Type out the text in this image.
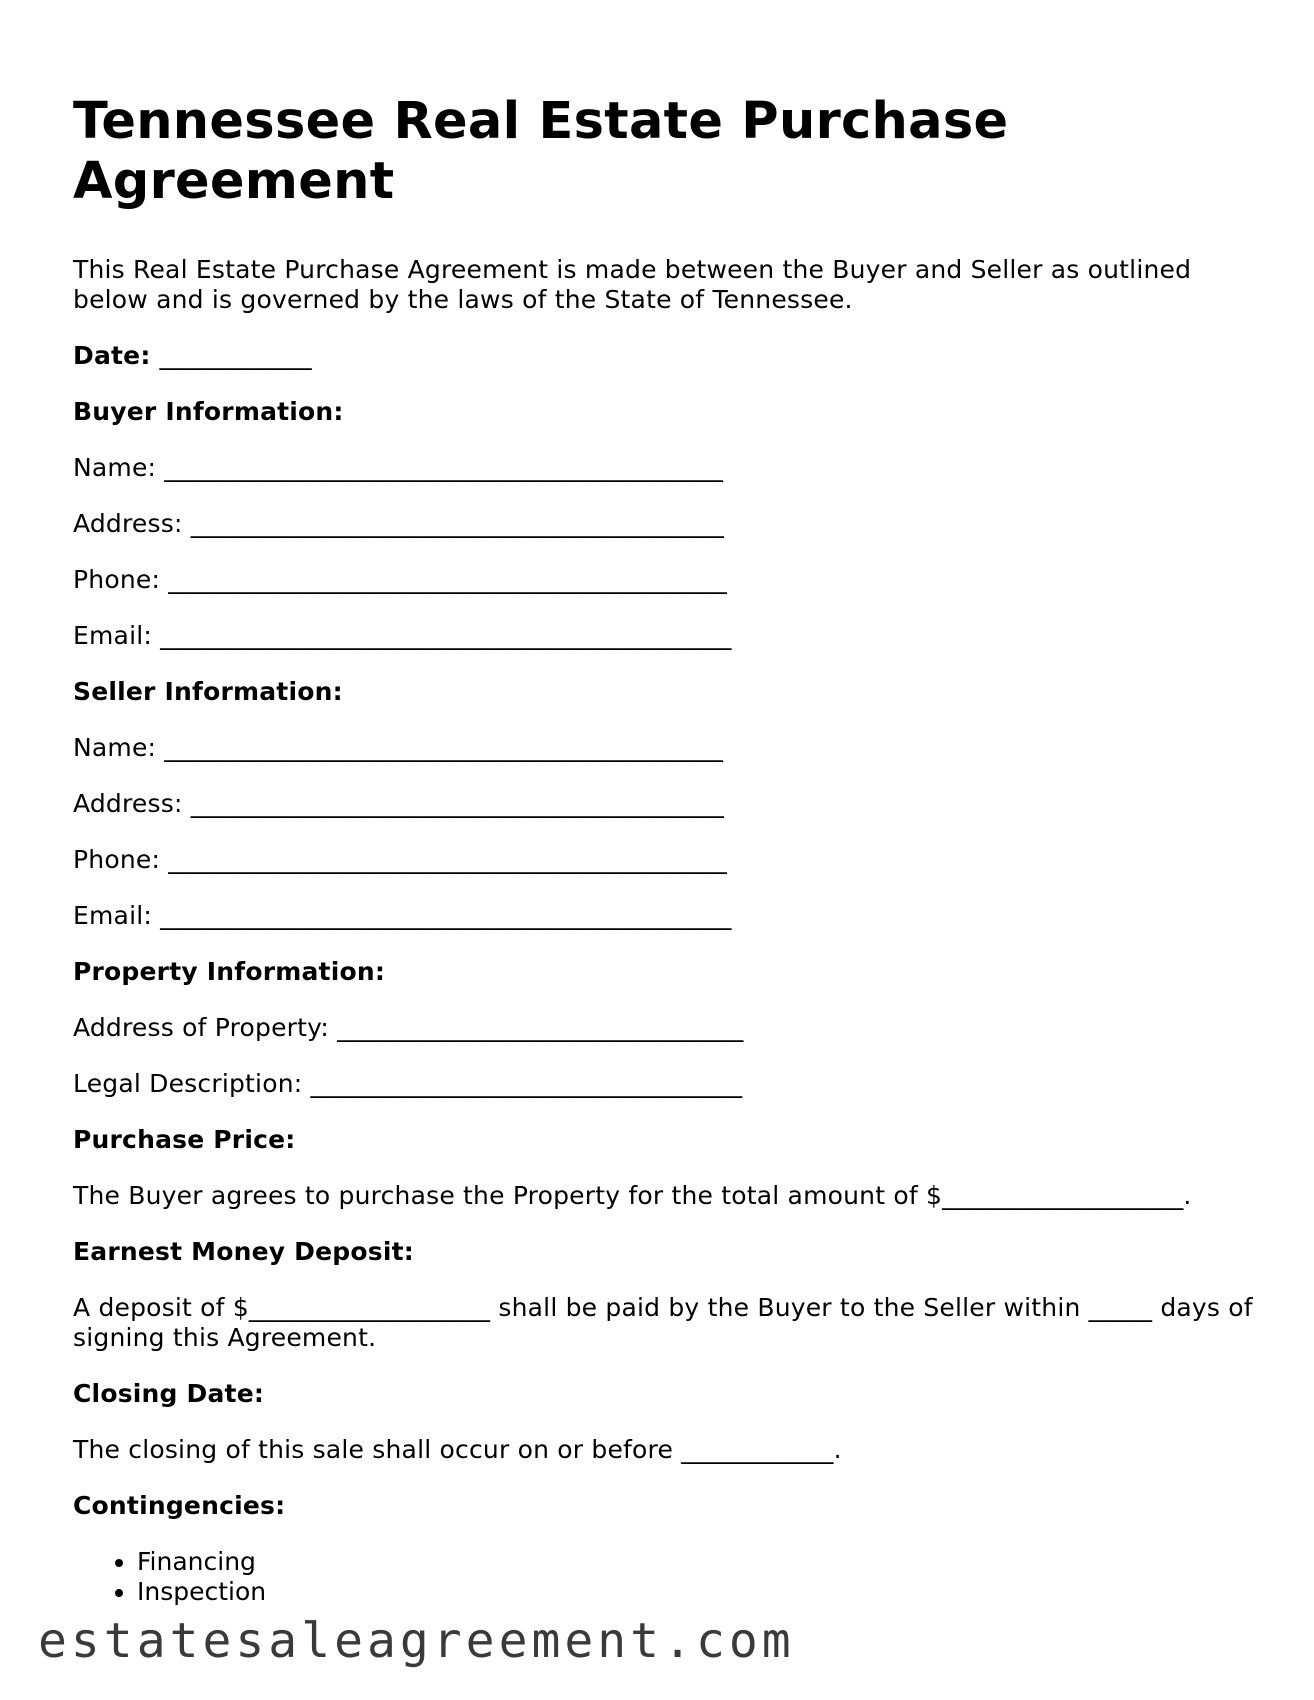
Tennessee Real Estate Purchase Agreement

This Real Estate Purchase Agreement is made between the Buyer and Seller as outlined below and is governed by the laws of the State of Tennessee.

Date: ____________
Buyer Information:
Name: ____________________________________________
Address: __________________________________________
Phone: ____________________________________________
Email: _____________________________________________
Seller Information:
Name: ____________________________________________
Address: __________________________________________
Phone: ____________________________________________
Email: _____________________________________________
Property Information:
Address of Property: ________________________________
Legal Description: __________________________________
Purchase Price:

The Buyer agrees to purchase the Property for the total amount of $___________________.

Earnest Money Deposit:

A deposit of $___________________ shall be paid by the Buyer to the Seller within _____ days of signing this Agreement.

Closing Date:

The closing of this sale shall occur on or before ____________.

Contingencies:
• Financing
• Inspection
estatesaleagreement.com
